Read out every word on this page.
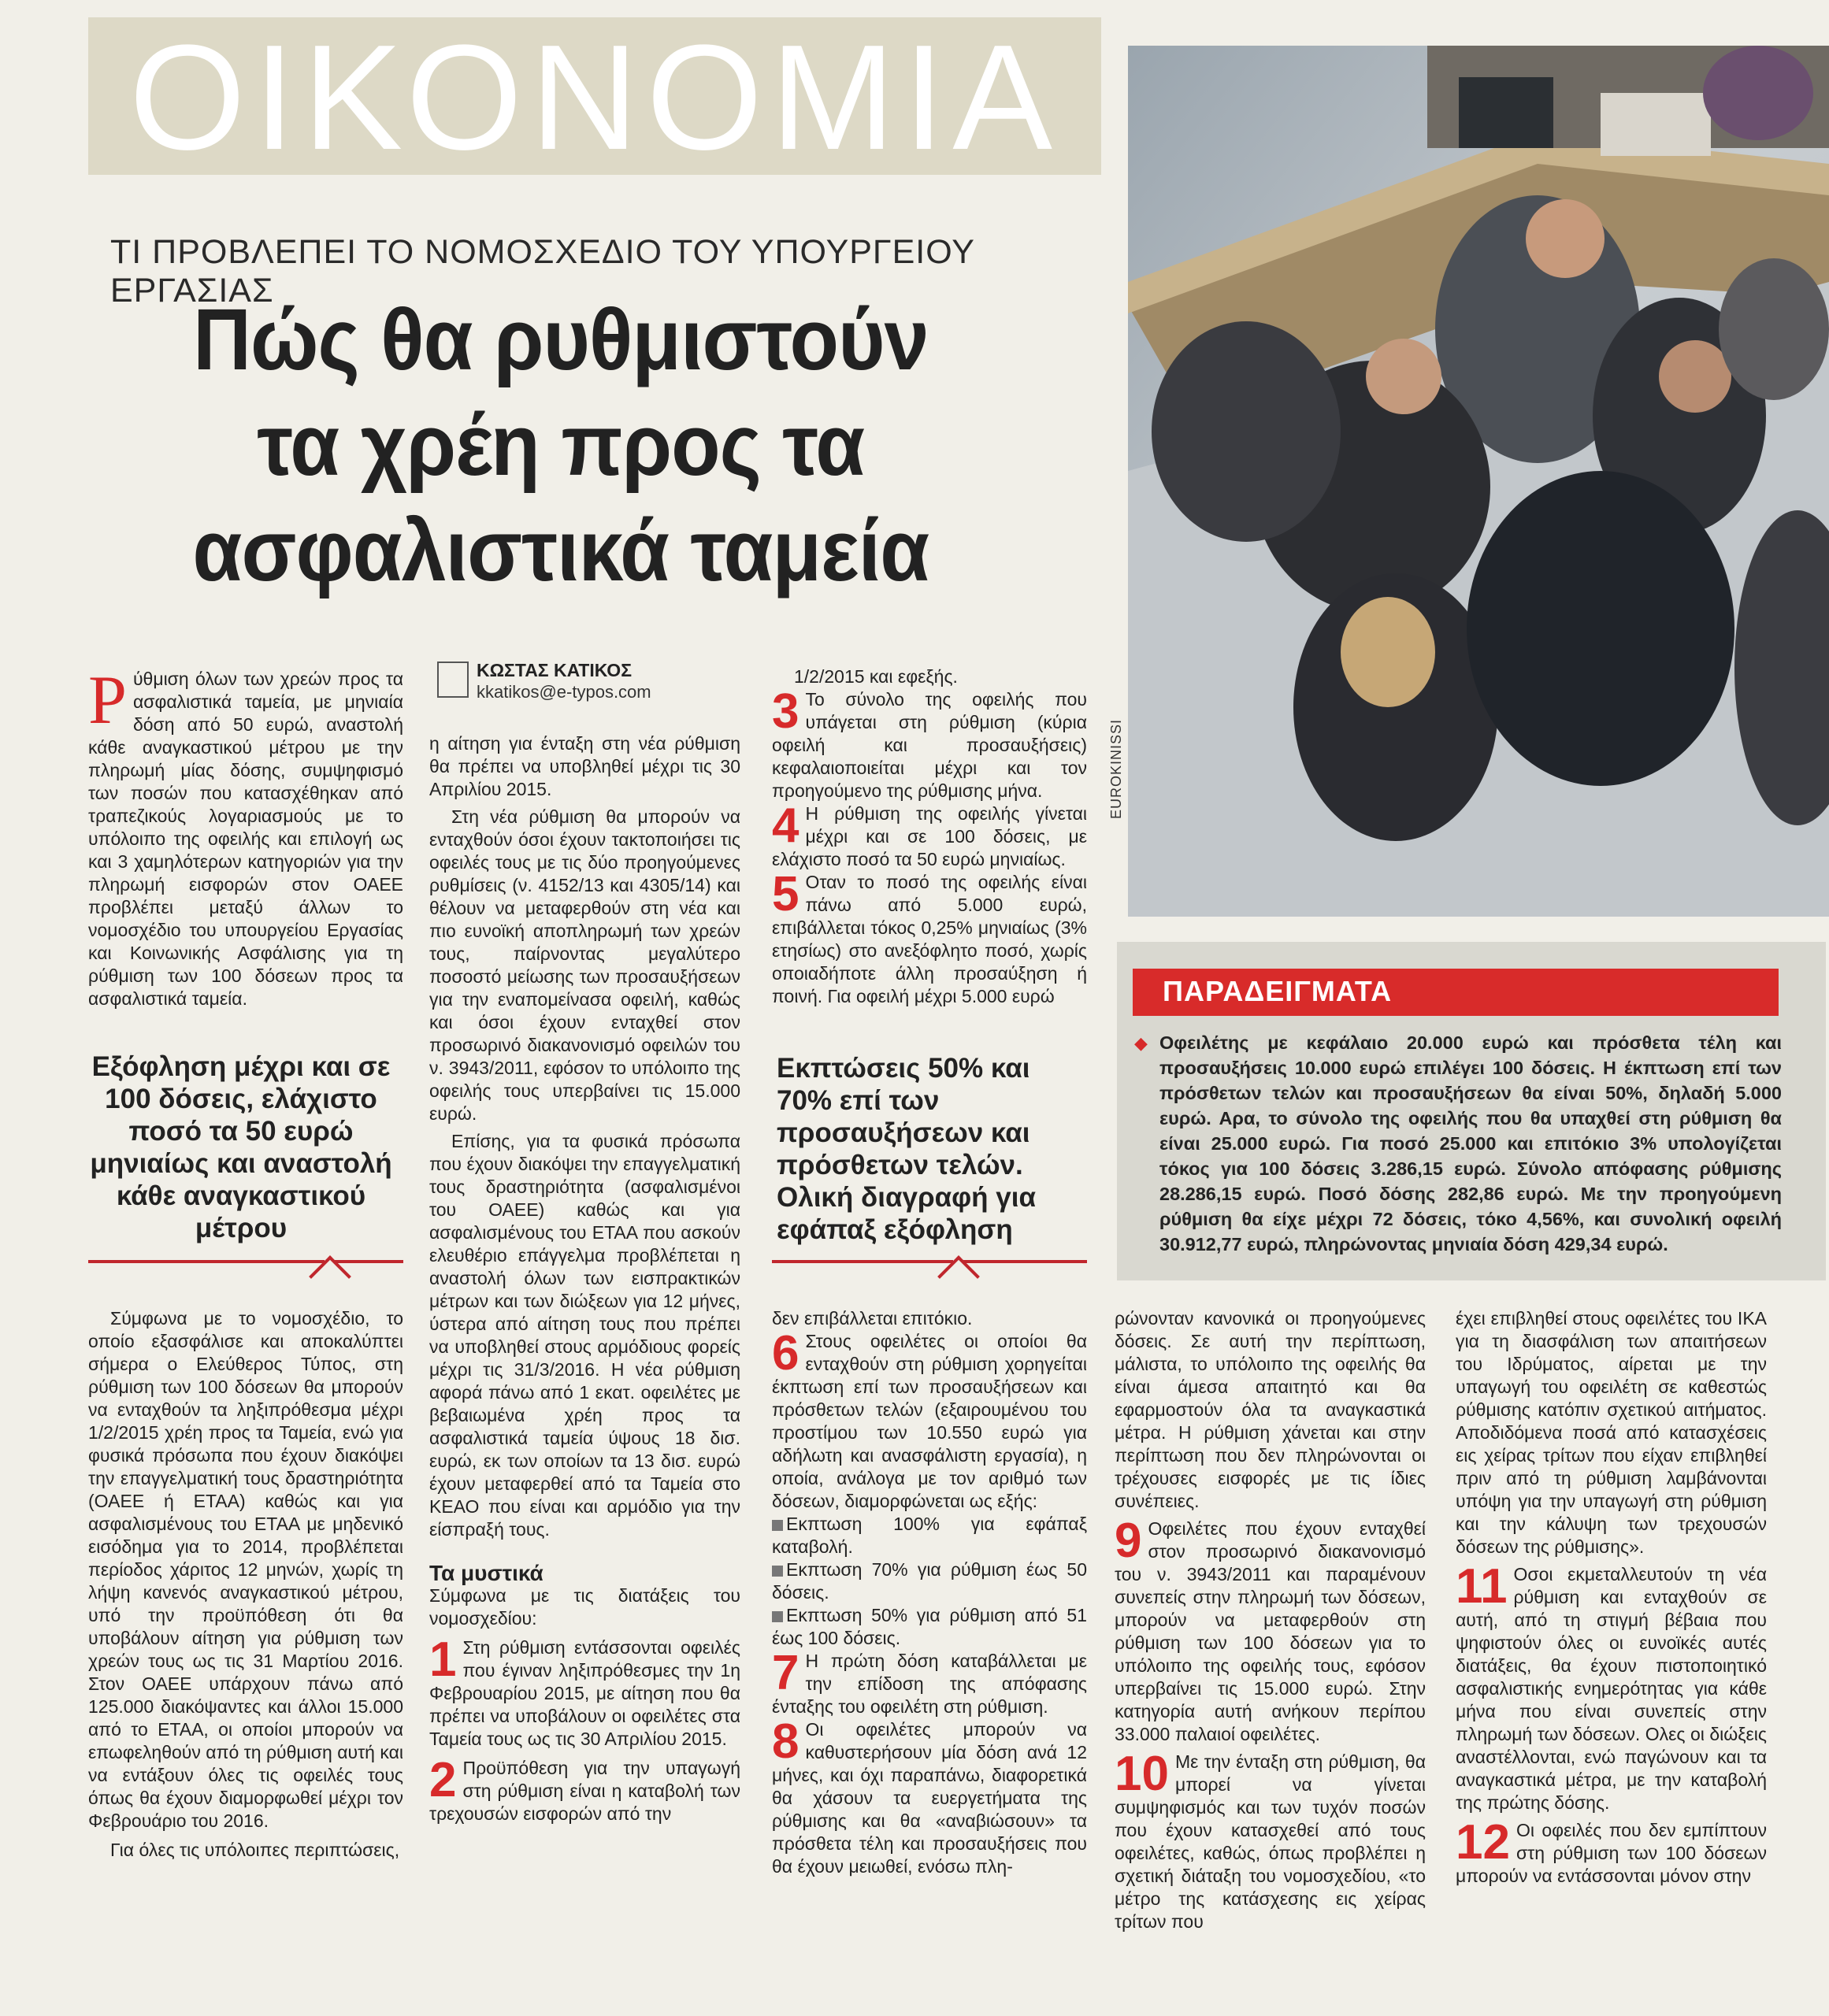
ΟΙΚΟΝΟΜΙΑ
ΤΙ ΠΡΟΒΛΕΠΕΙ ΤΟ ΝΟΜΟΣΧΕΔΙΟ ΤΟΥ ΥΠΟΥΡΓΕΙΟΥ ΕΡΓΑΣΙΑΣ
Πώς θα ρυθμιστούν
τα χρέη προς τα
ασφαλιστικά ταμεία
EUROKINISSI

Ρύθμιση όλων των χρεών προς τα ασφαλιστικά ταμεία, με μηνιαία δόση από 50 ευρώ, αναστολή κάθε αναγκαστικού μέτρου με την πληρωμή μίας δόσης, συμψηφισμό των ποσών που κατασχέθηκαν από τραπεζικούς λογαριασμούς με το υπόλοιπο της οφειλής και επιλογή ως και 3 χαμηλότερων κατηγοριών για την πληρωμή εισφορών στον ΟΑΕΕ προβλέπει μεταξύ άλλων το νομοσχέδιο του υπουργείου Εργασίας και Κοινωνικής Ασφάλισης για τη ρύθμιση των 100 δόσεων προς τα ασφαλιστικά ταμεία.

Εξόφληση μέχρι και σε 100 δόσεις, ελάχιστο ποσό τα 50 ευρώ μηνιαίως και αναστολή κάθε αναγκαστικού μέτρου

Σύμφωνα με το νομοσχέδιο, το οποίο εξασφάλισε και αποκαλύπτει σήμερα ο Ελεύθερος Τύπος, στη ρύθμιση των 100 δόσεων θα μπορούν να ενταχθούν τα ληξιπρόθεσμα μέχρι 1/2/2015 χρέη προς τα Ταμεία, ενώ για φυσικά πρόσωπα που έχουν διακόψει την επαγγελματική τους δραστηριότητα (ΟΑΕΕ ή ΕΤΑΑ) καθώς και για ασφαλισμένους του ΕΤΑΑ με μηδενικό εισόδημα για το 2014, προβλέπεται περίοδος χάριτος 12 μηνών, χωρίς τη λήψη κανενός αναγκαστικού μέτρου, υπό την προϋπόθεση ότι θα υποβάλουν αίτηση για ρύθμιση των χρεών τους ως τις 31 Μαρτίου 2016. Στον ΟΑΕΕ υπάρχουν πάνω από 125.000 διακόψαντες και άλλοι 15.000 από το ΕΤΑΑ, οι οποίοι μπορούν να επωφεληθούν από τη ρύθμιση αυτή και να εντάξουν όλες τις οφειλές τους όπως θα έχουν διαμορφωθεί μέχρι τον Φεβρουάριο του 2016.

Για όλες τις υπόλοιπες περιπτώσεις,

ΚΩΣΤΑΣ ΚΑΤΙΚΟΣ
kkatikos@e-typos.com

η αίτηση για ένταξη στη νέα ρύθμιση θα πρέπει να υποβληθεί μέχρι τις 30 Απριλίου 2015.

Στη νέα ρύθμιση θα μπορούν να ενταχθούν όσοι έχουν τακτοποιήσει τις οφειλές τους με τις δύο προηγούμενες ρυθμίσεις (ν. 4152/13 και 4305/14) και θέλουν να μεταφερθούν στη νέα και πιο ευνοϊκή αποπληρωμή των χρεών τους, παίρνοντας μεγαλύτερο ποσοστό μείωσης των προσαυξήσεων για την εναπομείνασα οφειλή, καθώς και όσοι έχουν ενταχθεί στον προσωρινό διακανονισμό οφειλών του ν. 3943/2011, εφόσον το υπόλοιπο της οφειλής τους υπερβαίνει τις 15.000 ευρώ.

Επίσης, για τα φυσικά πρόσωπα που έχουν διακόψει την επαγγελματική τους δραστηριότητα (ασφαλισμένοι του ΟΑΕΕ) καθώς και για ασφαλισμένους του ΕΤΑΑ που ασκούν ελευθέριο επάγγελμα προβλέπεται η αναστολή όλων των εισπρακτικών μέτρων και των διώξεων για 12 μήνες, ύστερα από αίτηση τους που πρέπει να υποβληθεί στους αρμόδιους φορείς μέχρι τις 31/3/2016. Η νέα ρύθμιση αφορά πάνω από 1 εκατ. οφειλέτες με βεβαιωμένα χρέη προς τα ασφαλιστικά ταμεία ύψους 18 δισ. ευρώ, εκ των οποίων τα 13 δισ. ευρώ έχουν μεταφερθεί από τα Ταμεία στο ΚΕΑΟ που είναι και αρμόδιο για την είσπραξή τους.

Τα μυστικά

Σύμφωνα με τις διατάξεις του νομοσχεδίου:

1 Στη ρύθμιση εντάσσονται οφειλές που έγιναν ληξιπρόθεσμες την 1η Φεβρουαρίου 2015, με αίτηση που θα πρέπει να υποβάλουν οι οφειλέτες στα Ταμεία τους ως τις 30 Απριλίου 2015.

2 Προϋπόθεση για την υπαγωγή στη ρύθμιση είναι η καταβολή των τρεχουσών εισφορών από την

1/2/2015 και εφεξής.

3 Το σύνολο της οφειλής που υπάγεται στη ρύθμιση (κύρια οφειλή και προσαυξήσεις) κεφαλαιοποιείται μέχρι και τον προηγούμενο της ρύθμισης μήνα.

4 Η ρύθμιση της οφειλής γίνεται μέχρι και σε 100 δόσεις, με ελάχιστο ποσό τα 50 ευρώ μηνιαίως.

5 Οταν το ποσό της οφειλής είναι πάνω από 5.000 ευρώ, επιβάλλεται τόκος 0,25% μηνιαίως (3% ετησίως) στο ανεξόφλητο ποσό, χωρίς οποιαδήποτε άλλη προσαύξηση ή ποινή. Για οφειλή μέχρι 5.000 ευρώ

Εκπτώσεις 50% και 70% επί των προσαυξήσεων και πρόσθετων τελών. Ολική διαγραφή για εφάπαξ εξόφληση

δεν επιβάλλεται επιτόκιο.

6 Στους οφειλέτες οι οποίοι θα ενταχθούν στη ρύθμιση χορηγείται έκπτωση επί των προσαυξήσεων και πρόσθετων τελών (εξαιρουμένου του προστίμου των 10.550 ευρώ για αδήλωτη και ανασφάλιστη εργασία), η οποία, ανάλογα με τον αριθμό των δόσεων, διαμορφώνεται ως εξής:

Εκπτωση 100% για εφάπαξ καταβολή.

Εκπτωση 70% για ρύθμιση έως 50 δόσεις.

Εκπτωση 50% για ρύθμιση από 51 έως 100 δόσεις.

7 Η πρώτη δόση καταβάλλεται με την επίδοση της απόφασης ένταξης του οφειλέτη στη ρύθμιση.

8 Οι οφειλέτες μπορούν να καθυστερήσουν μία δόση ανά 12 μήνες, και όχι παραπάνω, διαφορετικά θα χάσουν τα ευεργετήματα της ρύθμισης και θα «αναβιώσουν» τα πρόσθετα τέλη και προσαυξήσεις που θα έχουν μειωθεί, ενόσω πλη-

ΠΑΡΑΔΕΙΓΜΑΤΑ
◆ Οφειλέτης με κεφάλαιο 20.000 ευρώ και πρόσθετα τέλη και προσαυξήσεις 10.000 ευρώ επιλέγει 100 δόσεις. Η έκπτωση επί των πρόσθετων τελών και προσαυξήσεων θα είναι 50%, δηλαδή 5.000 ευρώ. Αρα, το σύνολο της οφειλής που θα υπαχθεί στη ρύθμιση θα είναι 25.000 ευρώ. Για ποσό 25.000 και επιτόκιο 3% υπολογίζεται τόκος για 100 δόσεις 3.286,15 ευρώ. Σύνολο απόφασης ρύθμισης 28.286,15 ευρώ. Ποσό δόσης 282,86 ευρώ. Με την προηγούμενη ρύθμιση θα είχε μέχρι 72 δόσεις, τόκο 4,56%, και συνολική οφειλή 30.912,77 ευρώ, πληρώνοντας μηνιαία δόση 429,34 ευρώ.

ρώνονταν κανονικά οι προηγούμενες δόσεις. Σε αυτή την περίπτωση, μάλιστα, το υπόλοιπο της οφειλής θα είναι άμεσα απαιτητό και θα εφαρμοστούν όλα τα αναγκαστικά μέτρα. Η ρύθμιση χάνεται και στην περίπτωση που δεν πληρώνονται οι τρέχουσες εισφορές με τις ίδιες συνέπειες.

9 Οφειλέτες που έχουν ενταχθεί στον προσωρινό διακανονισμό του ν. 3943/2011 και παραμένουν συνεπείς στην πληρωμή των δόσεων, μπορούν να μεταφερθούν στη ρύθμιση των 100 δόσεων για το υπόλοιπο της οφειλής τους, εφόσον υπερβαίνει τις 15.000 ευρώ. Στην κατηγορία αυτή ανήκουν περίπου 33.000 παλαιοί οφειλέτες.

10 Με την ένταξη στη ρύθμιση, θα μπορεί να γίνεται συμψηφισμός και των τυχόν ποσών που έχουν κατασχεθεί από τους οφειλέτες, καθώς, όπως προβλέπει η σχετική διάταξη του νομοσχεδίου, «το μέτρο της κατάσχεσης εις χείρας τρίτων που

έχει επιβληθεί στους οφειλέτες του ΙΚΑ για τη διασφάλιση των απαιτήσεων του Ιδρύματος, αίρεται με την υπαγωγή του οφειλέτη σε καθεστώς ρύθμισης κατόπιν σχετικού αιτήματος. Αποδιδόμενα ποσά από κατασχέσεις εις χείρας τρίτων που είχαν επιβληθεί πριν από τη ρύθμιση λαμβάνονται υπόψη για την υπαγωγή στη ρύθμιση και την κάλυψη των τρεχουσών δόσεων της ρύθμισης».

11 Οσοι εκμεταλλευτούν τη νέα ρύθμιση και ενταχθούν σε αυτή, από τη στιγμή βέβαια που ψηφιστούν όλες οι ευνοϊκές αυτές διατάξεις, θα έχουν πιστοποιητικό ασφαλιστικής ενημερότητας για κάθε μήνα που είναι συνεπείς στην πληρωμή των δόσεων. Ολες οι διώξεις αναστέλλονται, ενώ παγώνουν και τα αναγκαστικά μέτρα, με την καταβολή της πρώτης δόσης.

12 Οι οφειλές που δεν εμπίπτουν στη ρύθμιση των 100 δόσεων μπορούν να εντάσσονται μόνον στην
